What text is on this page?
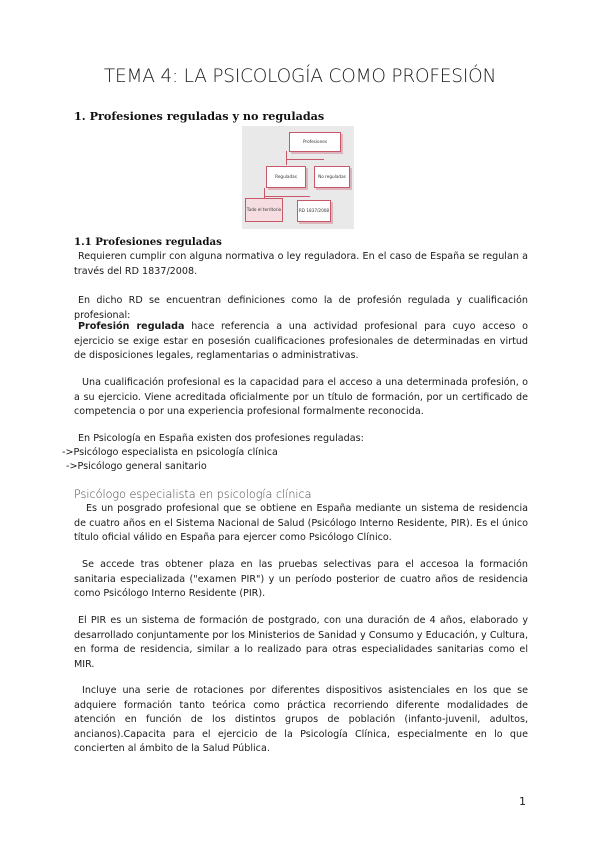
TEMA 4: LA PSICOLOGÍA COMO PROFESIÓN
1. Profesiones reguladas y no reguladas
Profesiones
Reguladas	No reguladas
Todo el territorio	RD 1837/2008
1.1 Profesiones reguladas
Requieren cumplir con alguna normativa o ley reguladora. En el caso de España se regulan a través del RD 1837/2008.
En dicho RD se encuentran definiciones como la de profesión regulada y cualificación profesional:
Profesión regulada hace referencia a una actividad profesional para cuyo acceso o ejercicio se exige estar en posesión cualificaciones profesionales de determinadas en virtud de disposiciones legales, reglamentarias o administrativas.
Una cualificación profesional es la capacidad para el acceso a una determinada profesión, o a su ejercicio. Viene acreditada oficialmente por un título de formación, por un certificado de competencia o por una experiencia profesional formalmente reconocida.
En Psicología en España existen dos profesiones reguladas:
->Psicólogo especialista en psicología clínica
->Psicólogo general sanitario
Psicólogo especialista en psicología clínica
Es un posgrado profesional que se obtiene en España mediante un sistema de residencia de cuatro años en el Sistema Nacional de Salud (Psicólogo Interno Residente, PIR). Es el único título oficial válido en España para ejercer como Psicólogo Clínico.
Se accede tras obtener plaza en las pruebas selectivas para el accesoa la formación sanitaria especializada ("examen PIR") y un período posterior de cuatro años de residencia como Psicólogo Interno Residente (PIR).
El PIR es un sistema de formación de postgrado, con una duración de 4 años, elaborado y desarrollado conjuntamente por los Ministerios de Sanidad y Consumo y Educación, y Cultura, en forma de residencia, similar a lo realizado para otras especialidades sanitarias como el MIR.
Incluye una serie de rotaciones por diferentes dispositivos asistenciales en los que se adquiere formación tanto teórica como práctica recorriendo diferente modalidades de atención en función de los distintos grupos de población (infanto-juvenil, adultos, ancianos).Capacita para el ejercicio de la Psicología Clínica, especialmente en lo que concierten al ámbito de la Salud Pública.
1
